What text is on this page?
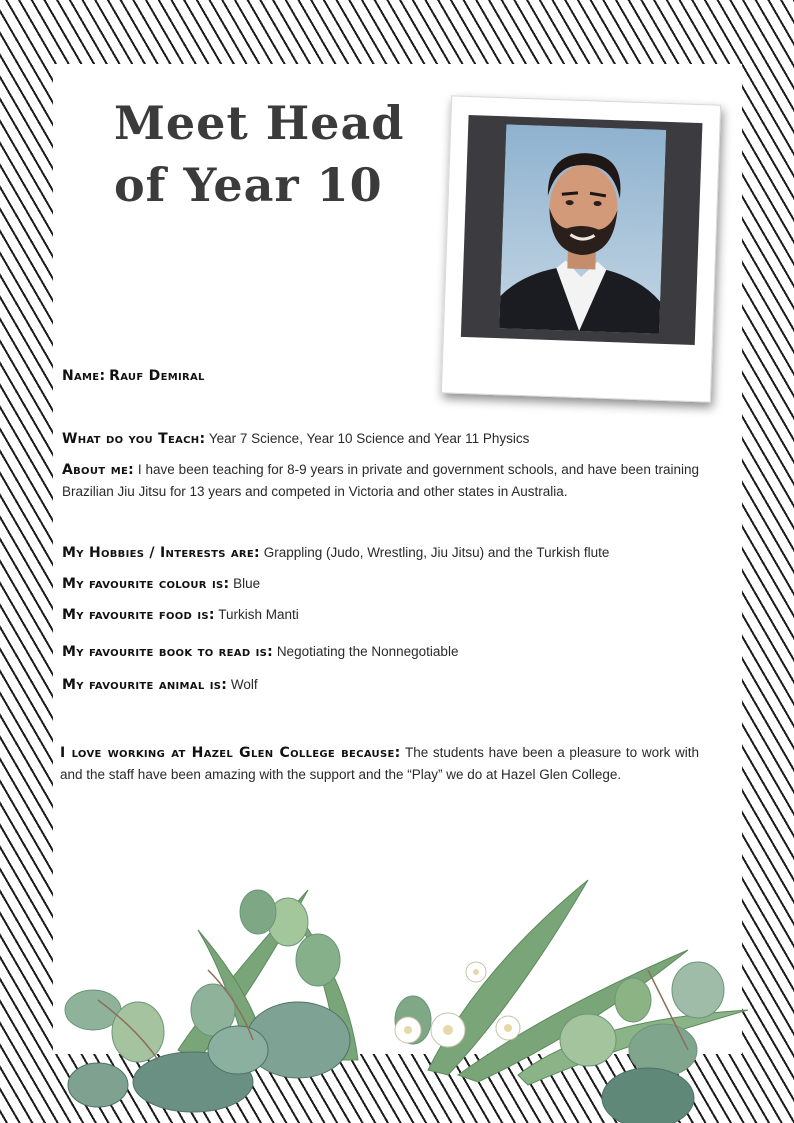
Meet Head
of Year 10

Name: Rauf Demiral

What do you Teach: Year 7 Science, Year 10 Science and Year 11 Physics

About me: I have been teaching for 8-9 years in private and government schools, and have been training Brazilian Jiu Jitsu for 13 years and competed in Victoria and other states in Australia.

My Hobbies / Interests are: Grappling (Judo, Wrestling, Jiu Jitsu) and the Turkish flute

My favourite colour is: Blue

My favourite food is: Turkish Manti

My favourite book to read is: Negotiating the Nonnegotiable

My favourite animal is: Wolf

I love working at Hazel Glen College because: The students have been a pleasure to work with and the staff have been amazing with the support and the “Play” we do at Hazel Glen College.
